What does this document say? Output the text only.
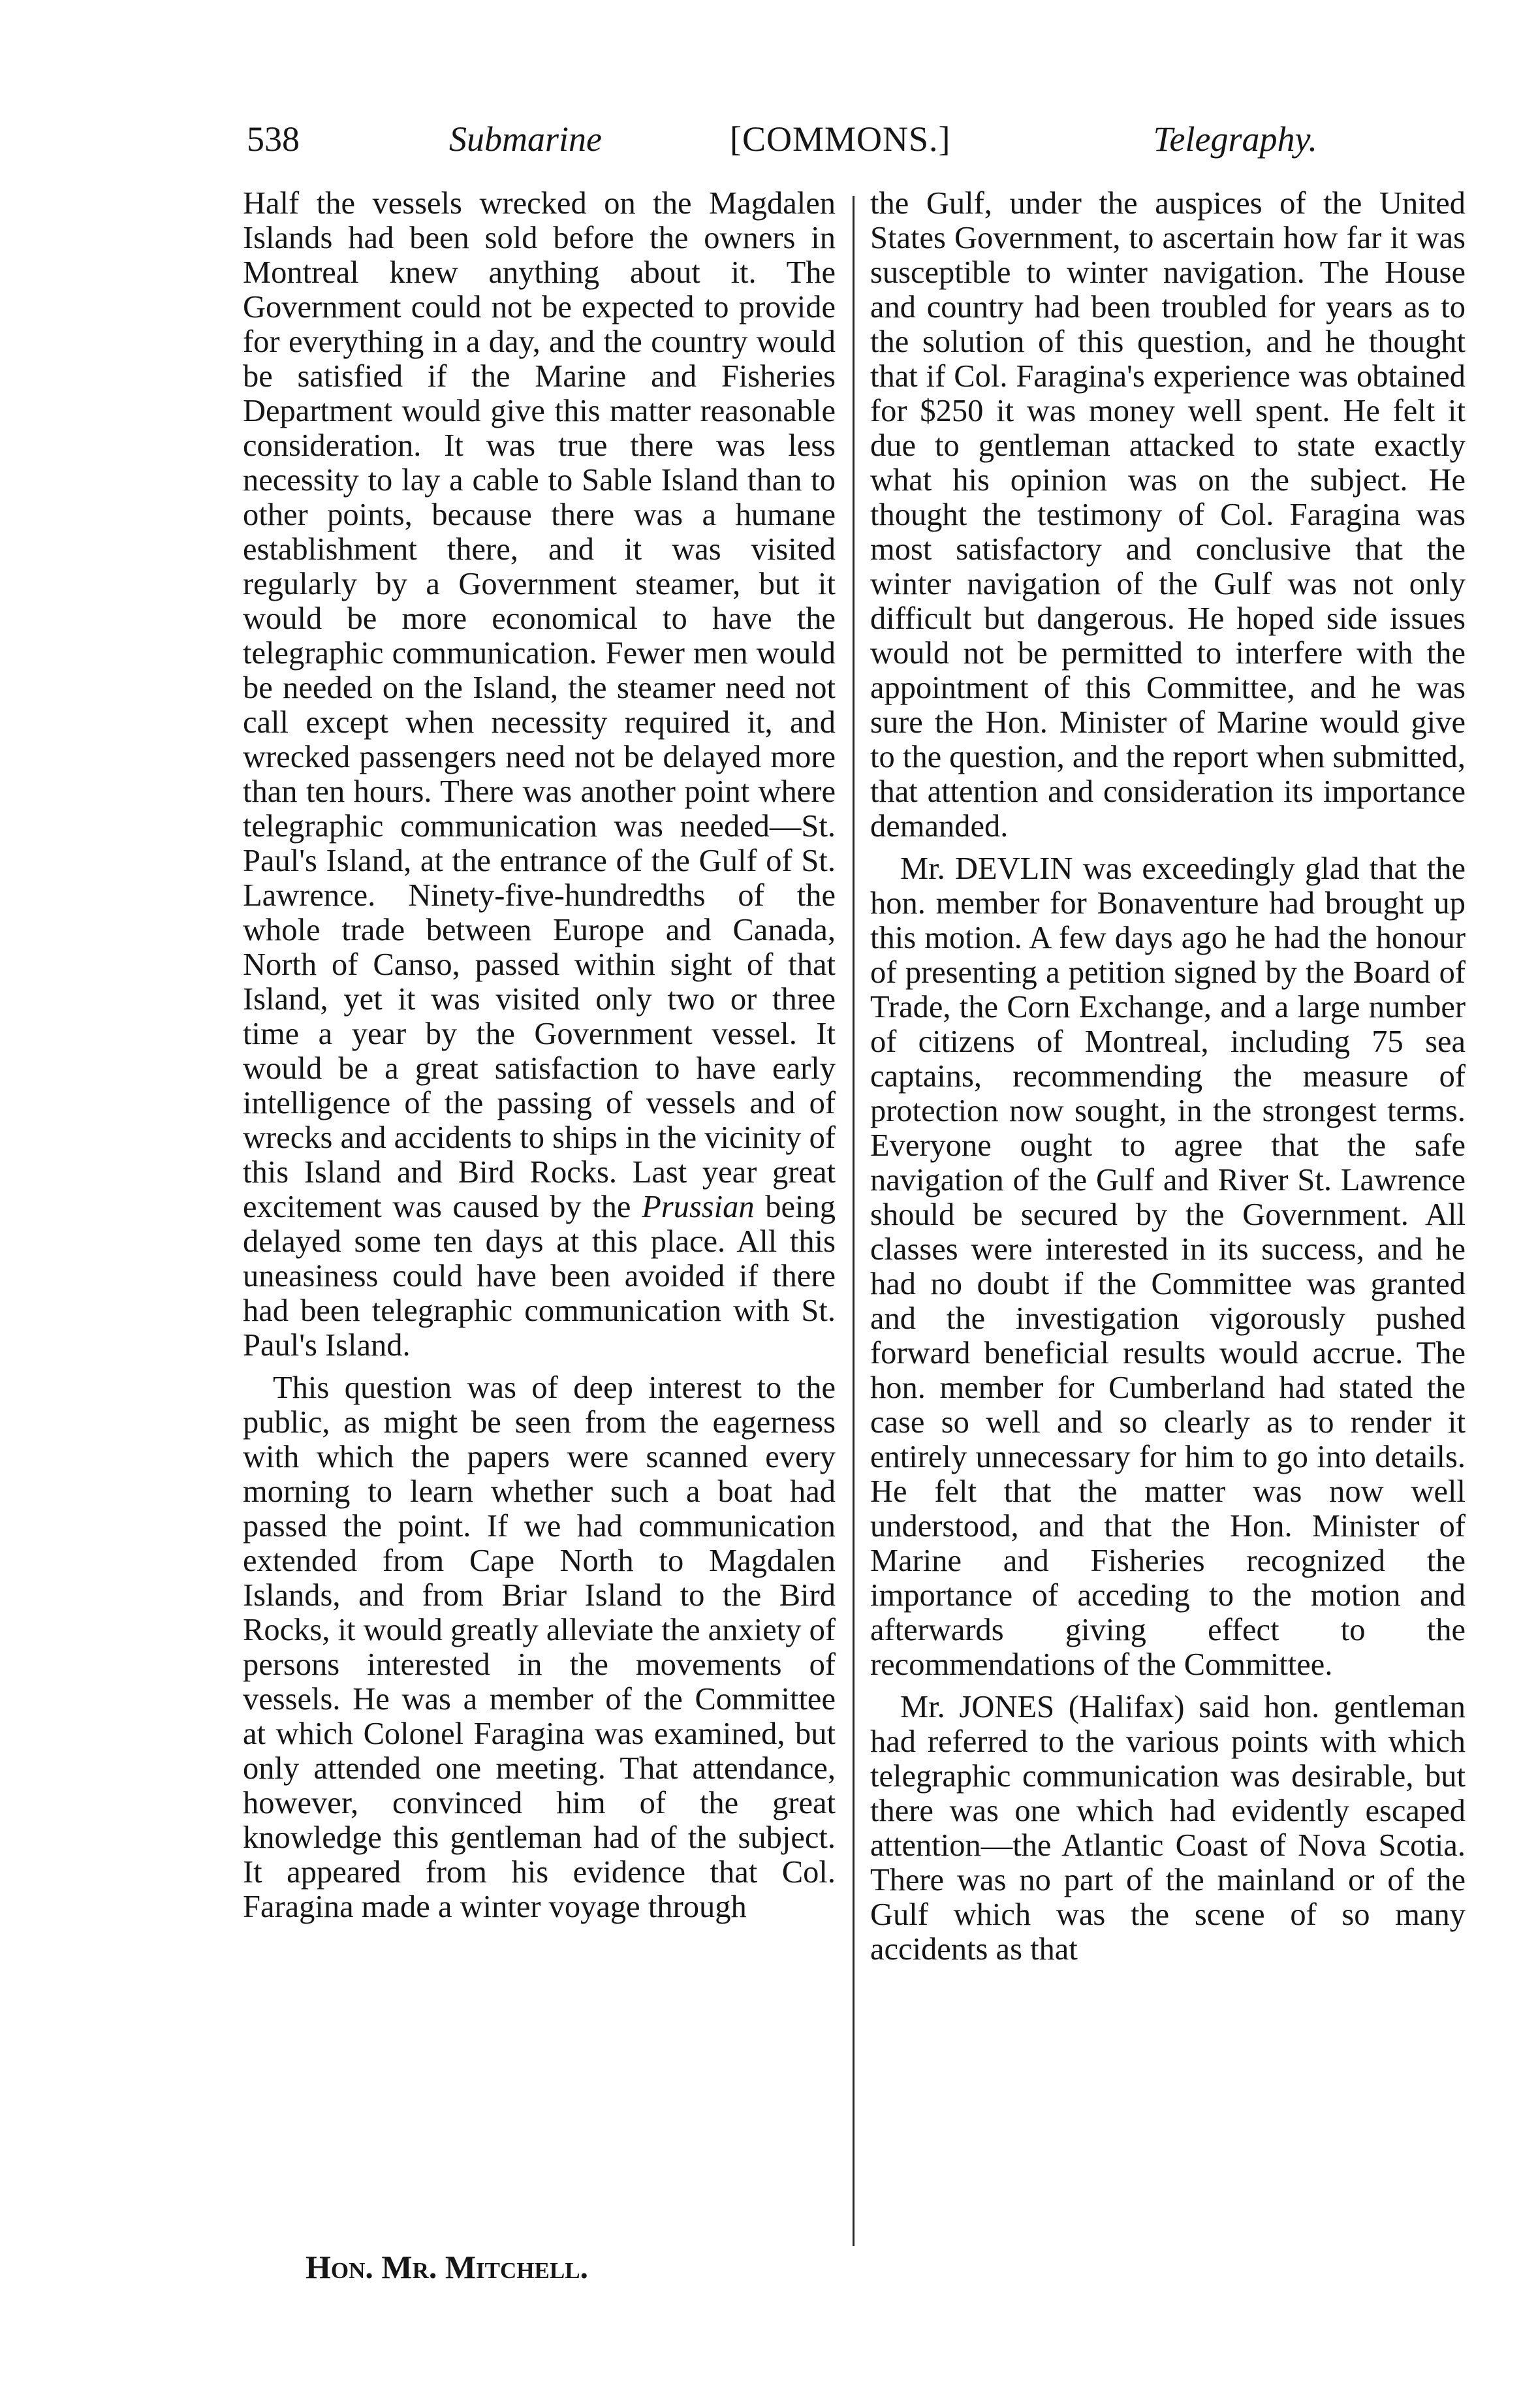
538	Submarine	[COMMONS.]	Telegraphy.

Half the vessels wrecked on the Magdalen Islands had been sold before the owners in Montreal knew anything about it. The Government could not be expected to provide for everything in a day, and the country would be satisfied if the Marine and Fisheries Department would give this matter reasonable consideration. It was true there was less necessity to lay a cable to Sable Island than to other points, because there was a humane establishment there, and it was visited regularly by a Government steamer, but it would be more economical to have the telegraphic communication. Fewer men would be needed on the Island, the steamer need not call except when necessity required it, and wrecked passengers need not be delayed more than ten hours. There was another point where telegraphic communication was needed—St. Paul's Island, at the entrance of the Gulf of St. Lawrence. Ninety-five-hundredths of the whole trade between Europe and Canada, North of Canso, passed within sight of that Island, yet it was visited only two or three time a year by the Government vessel. It would be a great satisfaction to have early intelligence of the passing of vessels and of wrecks and accidents to ships in the vicinity of this Island and Bird Rocks. Last year great excitement was caused by the Prussian being delayed some ten days at this place. All this uneasiness could have been avoided if there had been telegraphic communication with St. Paul's Island.

This question was of deep interest to the public, as might be seen from the eagerness with which the papers were scanned every morning to learn whether such a boat had passed the point. If we had communication extended from Cape North to Magdalen Islands, and from Briar Island to the Bird Rocks, it would greatly alleviate the anxiety of persons interested in the movements of vessels. He was a member of the Committee at which Colonel Faragina was examined, but only attended one meeting. That attendance, however, convinced him of the great knowledge this gentleman had of the subject. It appeared from his evidence that Col. Faragina made a winter voyage through

the Gulf, under the auspices of the United States Government, to ascertain how far it was susceptible to winter navigation. The House and country had been troubled for years as to the solution of this question, and he thought that if Col. Faragina's experience was obtained for $250 it was money well spent. He felt it due to gentleman attacked to state exactly what his opinion was on the subject. He thought the testimony of Col. Faragina was most satisfactory and conclusive that the winter navigation of the Gulf was not only difficult but dangerous. He hoped side issues would not be permitted to interfere with the appointment of this Committee, and he was sure the Hon. Minister of Marine would give to the question, and the report when submitted, that attention and consideration its importance demanded.

Mr. DEVLIN was exceedingly glad that the hon. member for Bonaventure had brought up this motion. A few days ago he had the honour of presenting a petition signed by the Board of Trade, the Corn Exchange, and a large number of citizens of Montreal, including 75 sea captains, recommending the measure of protection now sought, in the strongest terms. Everyone ought to agree that the safe navigation of the Gulf and River St. Lawrence should be secured by the Government. All classes were interested in its success, and he had no doubt if the Committee was granted and the investigation vigorously pushed forward beneficial results would accrue. The hon. member for Cumberland had stated the case so well and so clearly as to render it entirely unnecessary for him to go into details. He felt that the matter was now well understood, and that the Hon. Minister of Marine and Fisheries recognized the importance of acceding to the motion and afterwards giving effect to the recommendations of the Committee.

Mr. JONES (Halifax) said hon. gentleman had referred to the various points with which telegraphic communication was desirable, but there was one which had evidently escaped attention—the Atlantic Coast of Nova Scotia. There was no part of the mainland or of the Gulf which was the scene of so many accidents as that

Hon. Mr. Mitchell.
